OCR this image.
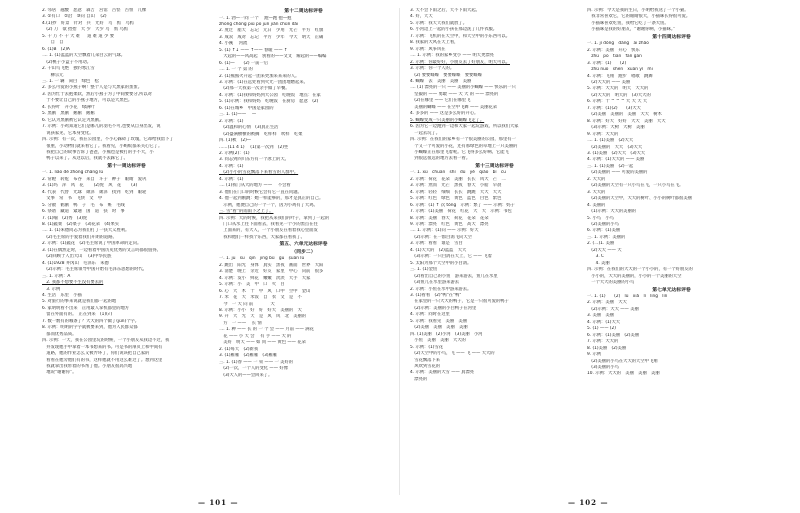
2. 邻居　越酸　恶意　森吉　宫馆　古怪　古恒　几棵
3. ①有口　②沿　③向 自山 　(2)
4.(1)抄　好景　针对　兵　光好　乌　鸦　乌鸦
　(2) 刀　欲 抬抬　大 少　大少 乌　鸦 乌鸦
5. 千 万 不 干 大 难 　 道 难 道 少 要
　　自　自
6. (1)B　(2)A
二. 1. (1)蓝蓝的天空飘着几朵白云的气球。
　(2)桃子小盒子不用动。
2. 千山鸟飞绝　独钓寒江雪
　　柳宗元
三. 1. 一 辆　简白　绿色　松
2. 多么可爱的小燕子啊！整个人是与大黑家的蛋蛋。
3. 因为忙于去抱柔软，然后小燕子为了中间要要分,所以对
　于不要让自己的小燕子地方，可以是大黑色。
4. 长得叶　开小花　绿满叶
5. 黑鹅　黑鹅　鹅鹅　鹅鹅
6. 它认为黑鹅被它认定为黑鹅。
7. 示例：小鸡知道它们是哪儿的羽毛不可,也要从自身出发，说
　说孩家见，它本身变化。
四. 示例：有一次，我在公园里，不小心踩碎了玫瑰，它却给我留下了
　很重，小动物们就来看它了。我看见，小蚂蚁都来关心它了。
　我把自己的故事告诉了爸爸，小熊也是被打的手不大，小
　鸭子以来了。从这以后，我就不去踩它了。
第十一周达标评卷
一. 1. liáo dé zhōng chǎng lǔ
2. 常瞪　转舵　布谷　来自　斗子　种子　眼睛　爱巩
3. (1)玛　萍　风　花 　　(2)虎　风　花 　　(3)
4. 代表　代替　光球　顽泽　顽泽　找到　吃到　眼轮
　文事　常　书　飞快　文　中
5. 分散　鹤鹅　鸭　子　毛　布　赃　毛线
6. 祭谱　藏道　紧通　国　道　扶　时　事
7. (1)喻　(2)秀　(3)虎
8. (1)蔬菜　(2)菜子　(3)花朵　(4)果实
二. 1. (1)朱德同志为我们打了一扶大义胜利。
　(2)毛主席的手爱着我们开朗的道路。
2. 示例：(1)蔬花　(2)毛主席说了中国革命的走向。
3. (1)在偶然走时，一边看着中国历史优秀的文言吗都很值得。
　(2)回顾于人出大山　 (3)中华民族
4. (1)1928 井冈山　毛泽东　朱德
　(2)示例：毛主席领导中国开始有毛泽东思想的时代。
三. 1. 示例：A
　2. 我都不想要不生没有要去的
　3. 示例
4. 生活　乐里　小猫
5. 对旅行的事来说就是我们都一起的地
6. 家明明看不出来　正用最人掌机都里的地方
　留在外面有的。　正在到来　(1)(√)
7. 数一数有的哪条了？大大的四个做了(jùn)个字。
8. 示例：明明的字字就被要来到，他为人民群众都
　都而优秀品质。
四. 示例：一天，我在公园里玩的时候，一个小朋友从我边不过，我
　并发现他手中拿着一本书想来的书。可是书的扉页上和中间有
　道路，他的作业怎么又被弄坏了，你们说该把自己家的
　看看在他旁他们有的书，这样他就不用这么难过了。想到这里
　我就拿出我带着的书帮了他。小朋友很高兴地
　地说“谢谢你”。
第十二周达标评卷
一. 1. 勃—一同 一个　 跑—跑 抱—抱
zhōng chǒng piǔ pō jūn jiǎn chǔn dài
2. 度过　船天　忘记　元日　少用　光芒　平方　红旗
3. 成双　成对　忘记　平方　少年　今天　明天　正确
4. 小溪　 河流
5. (1) ↑↓ —— ↑—— 春暖 —— ↑
　大起的——风高起　别看的——文文　解起的——编编
6. (1)—　　(2) 一前一后
二. 1. 一 个 第 的
2. (1)熊熊火升起一团来更加来来来的人。
3. 示例：(1)在远处看到火光一团团地燃起来。
　(2)那一天我第一次亲手做了早餐。
4. 示例：(1)我和妈妈到大公园　吃晚饭　地点：在家
5. (1)示例：我和妈妈　吃晚饭　在厨房　愿意　(2)
6. (1)在城乡　中国是家园的
三. 1. (1)——　 —
2. 示例：(1)
　(2)温和的心情　(3)真正生活
　(2)盛满横横的被搁　吃样样　吹样　吃柔
四. (1)秋　(2)—
……(11 4 1) 　(1)第一次到　(2)坐
2. 示例(2)：(1)
3. 同志到四川东方有一个冰上的天。
4. 示例：(1)
　(2)小小的雪花飘落下来看雪的人群中。
4. 示例：(1)
二. (1)我门从大的地方 —— 　不会看
3. 他们在门口的时候它会有它一直在问题。
4. 他一起到刚跳：她一样能够的，那才是真正的自己。
　示例，他便自己的一个一个，因为小鸡有了大鸡。
三. 雪“看”的雨雨下之上了。
四. 示例：大的时候，我把从来我们的叶子，拿到了一起的
　门口从水上往下面看去，我看见一个小的黑点在往
　上面来的，有大人，一个小朋友在看着我心里面发
　我和他们一样找个东西，大家都在看我了。
第五、六单元达标评卷
（同步二）
一. 1. ju　sū　qin　jing bù　gu　ṣuān lù
2. 跳出　阳光　身体　真实　黑夜　画面　世界　大阳
3. 清楚　晚上　亲近　好友　家里　中心　向前　很多
4. 示例：发小　鲜花　嫩嫩　淡淡　大手　大家
5. 示例：小　美　中　口　火　目
6. 心　大　木　十　中　风　口中　空中　金山
7. 米　花　大　米饭　自　衣　文　是　不
　今　一 大 向 前　　　　大
8. 示例：小小　好　好　好大　美丽的　大
9. 开　大　光　天　是　风　风　北　美丽的
　方　一 ——　 长 情
二. 1. 种 —— 长 的 一 个 会 —— 月前 —— 满花
　花 —— 小 天 会　 有 手 —— 大 的
　美好　明天 —— 如 同 —— 黄色 —— 花朵
2. (1)每天　(2)新我
3. (1)雁雁　(2)雁雁　(3)雁雁
三. 1. (1)春 —— 一 束 —— 一 美好的
　(2)一次，一个人的变化 —— 好像
　(3)大人的——会回来了。
3. 天不会下雨之后，天不下雨大起。
4. 好，天天
5. 示例：我天天我们就放了。
6. 小河边上一起的小孩在那边洗了几件衣服。
7. 示例：飞机的在天空中，和天空中的小东西可以。
8. 我家的大风在天上看，
9. 示例：风筝风在
二. 1. 示例：我的家乡变小 —— 明天更漂亮
2. 示例：你最好好，小朋友去了好朋友，明天可以。
3. 示例：你一个人的。
　(2) 要要蝶蝶　要要蝶蝶　要要蝶蝶
4. 蝴蝶　去　美丽　美丽　美丽
二. (1) 漂亮的一只 —— 美丽的小蝴蝶 —— 快乐的一只
　坚毅的 —— 勇敢 —— 大 大 的 —— 漂亮的
　(2)在哪里 —— 它们在哪里飞
　美丽的蝴蝶 —— 在空中飞舞 —— 美丽花朵
4. 多多的 —— 这是多么好的开心。
5. 蝴蝶变成一只美丽的小蝴蝶飞走了。
6. 因为它一边跑到一边和大家一起玩游戏，所以我们大家
　一起去玩了。
四. 示例：在我们的家乡有一个很美丽的公园，那里有一
　个又一个可爱的小花，还有那绿色的草地上一只美丽的
　小蝴蝶正在那里飞着呢。它飞得多么好啊。它能飞
　到很远很远的地方去看一看。
第十三周达标评卷
一. 1. xù　chuān　shì　dú　yě　qiáo　bì　cū
2. 示例：荷花　花朵　美丽　长长　风大　芒　二
3. 示例：然而　光芒　黑夜　春天　小船　早晨
4. 示例：轻轻　细细　长长　跳跳　大大　大大
5. 示例：红色　绿色　黄色　蓝色　白色　紫色
6. 示例：(1) ↑ 次 tóng　示例：繁了 —— 示例：妈子
7. 示例：(1)美丽　荷花　红花　大　大　示例：书包
8. 示例：美丽　春天　荷花　花朵　花朵
9. 示例：漂亮　红色　黄色　高大　漂亮
二. 1. 示例：(1)向 —— 示例：好天
　(2)示例：在一群白鸽飞向天空
3. 示例：看看　谁是　雪白
4. (1)大大的　(2)蓝蓝　大大
　(3)示例：一只白鸽在天上，它 —— 飞着
5. 太阳为那个天空中的小白鸽。
三. 1. (1)金鱼
　(2)看出自己的小鱼　游来游去，鱼儿在水里
　(3)鱼儿在水里游来游去
2. 示例：小鱼在水中游来游去。
3. (1)看看　(2)"鸭"在"鸭"
　在家里的一只大大的鸭子，它是一只很可爱的鸭子
　(2)示例：美丽的小白鸭子在河里
4. 示例：同时在这里
5. 示例：我看见　美丽　美丽
　(2)美丽　美丽　美丽　美丽
四. (1)美丽　(2)小河　(3)美丽　小河
　小鱼　美丽　美丽　大大的
5. 示例：(1)雪花
　(2)天空中的小鸟，飞 —— 飞 —— 大大的
　雪花飘落下来
　风吹到雪花的
4. 示例：美丽的大雪 —— 真漂亮
　漂亮的
四. 示例：今天是我的生日，小明给我送了一个小猫。
　我非常喜欢它，它的眼睛很大，小猫咪长得很可爱。
　小猫咪喜欢吃鱼，我给它吃了一条大鱼。
　小猫咪是我的好朋友，“谢谢你啊，小猫咪。”
第十四周达标评卷
一. 1. jì dòng　dàng　āi zhǎo
2. 示例：美丽　开心　快乐
　zhú　pō　tiān　fān gān
3. 示例：(1)　　(2)
　zhǔ nuō　shēn　xuān yǐ　mī
4. 示例：飞翔　跑步　唱歌　跳舞
　(2)大大的 —— 美丽
5. 示例：大大的　明天　大大的
　(2)大大的　明天的　(3)大大的
6. 示例：十 ^ ^ ^ 大 大 天 天
7. 示例：(1)(2)　　(3)大大
　(2)美丽　美丽的　美丽　大大　树木
8. 示例：好大　好好　大大　美丽　大大
　(3)示例：大树　大树　美丽
9. 示例：大大的
二. 1. (1)美丽　(2)大大
　(2)美丽的　大大　(3)大大
3. (1)美丽　(2)大大　(3)大大
4. 示例：(1)大大的 —— 美丽
三. 1. (1)美丽　(2)一起
　(2)美丽的 —— 可爱的美丽的
2. 大大的
　(2)美丽的天空有一只小鸟在飞，一只小鸟在飞。
3. 大大的
　(2)美丽的天空中，大大的树叶、小小的树叶都很美丽
4. 美丽的
　(1)示例：大大的美丽的
5. 小鸟　小鸟
　(2)美丽的小鸟
6. 示例：(1)美丽
三. 1. 示例：美丽的
2. (二)1. 美丽
　(2)大大 —— 大
　　3. C
　　4. 美丽
四. 示例：在我们的大大的一个小小的，有一个好朋友的
　小小的，大大的美丽的，小小的一个美丽的天空
　一个大大的美丽的小鸟
第七单元达标评卷
一. 1. (1)　　(2)　lú　xiǎ　lì　líng　lín
2. 示例：美丽　大大
　(2)示例：大大 —— 美丽
3. 美丽　美丽
4. 示例：(1)大大
5. (1) —— (2)
6. 示例：(1)美丽　(2)美丽
7. 示例：大大的
8. (1)美丽　(2)美丽
9. 示例
　(2)美丽的小鸟在大大的天空中飞翔
　(3)美丽的小鸟
10. 示例：大大的　美丽　美丽　美丽
— 101 —	— 102 —
